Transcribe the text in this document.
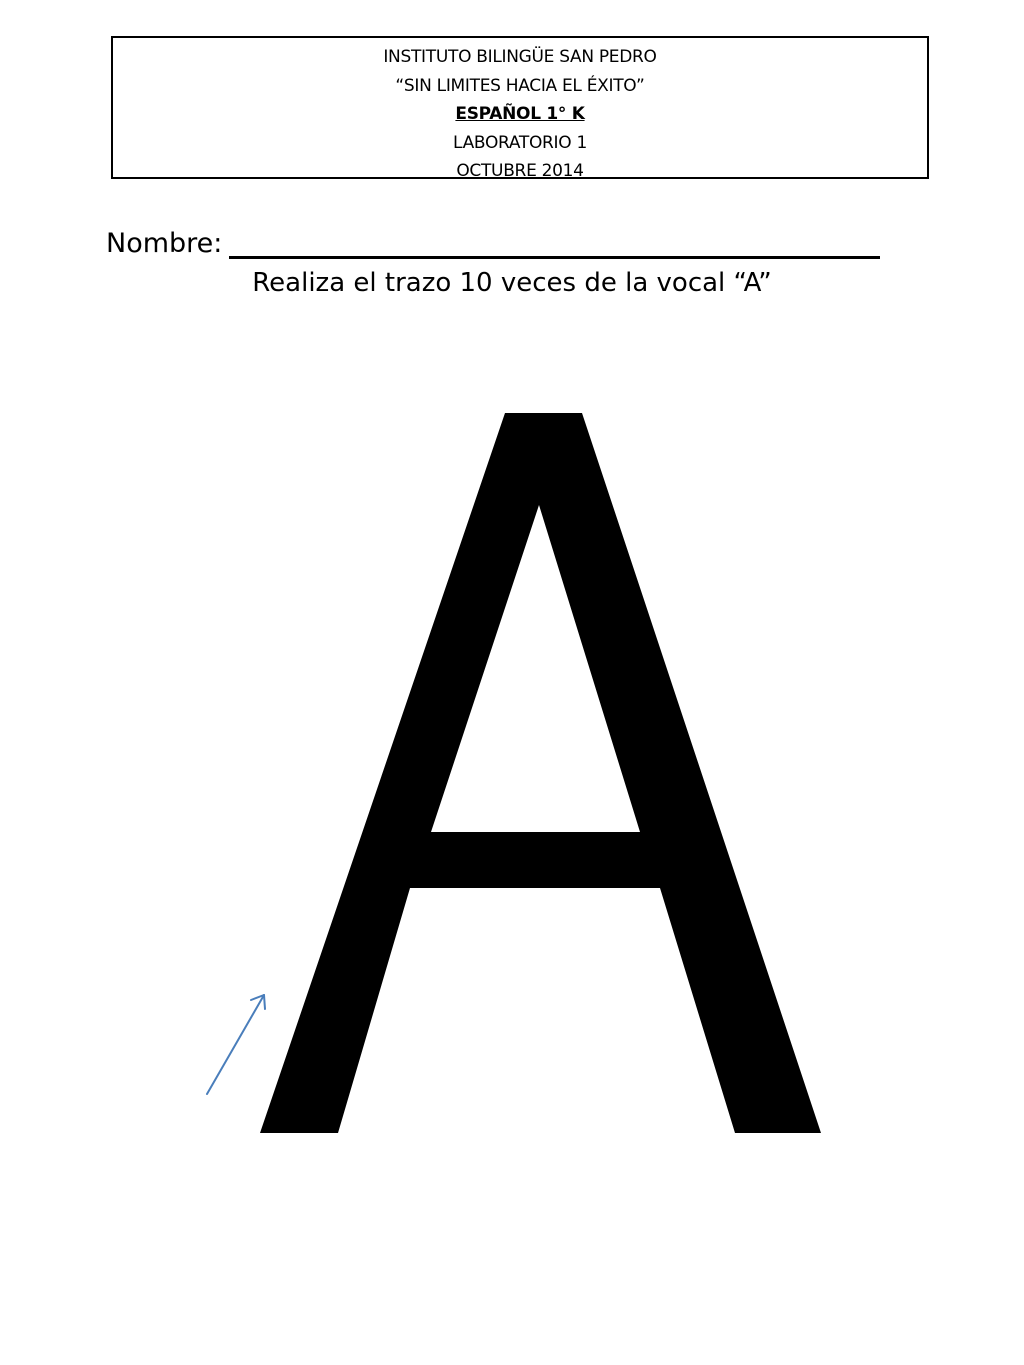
INSTITUTO BILINGÜE SAN PEDRO
“SIN LIMITES HACIA EL ÉXITO”
ESPAÑOL 1° K
LABORATORIO 1
OCTUBRE 2014
Nombre:
Realiza el trazo 10 veces de la vocal “A”
